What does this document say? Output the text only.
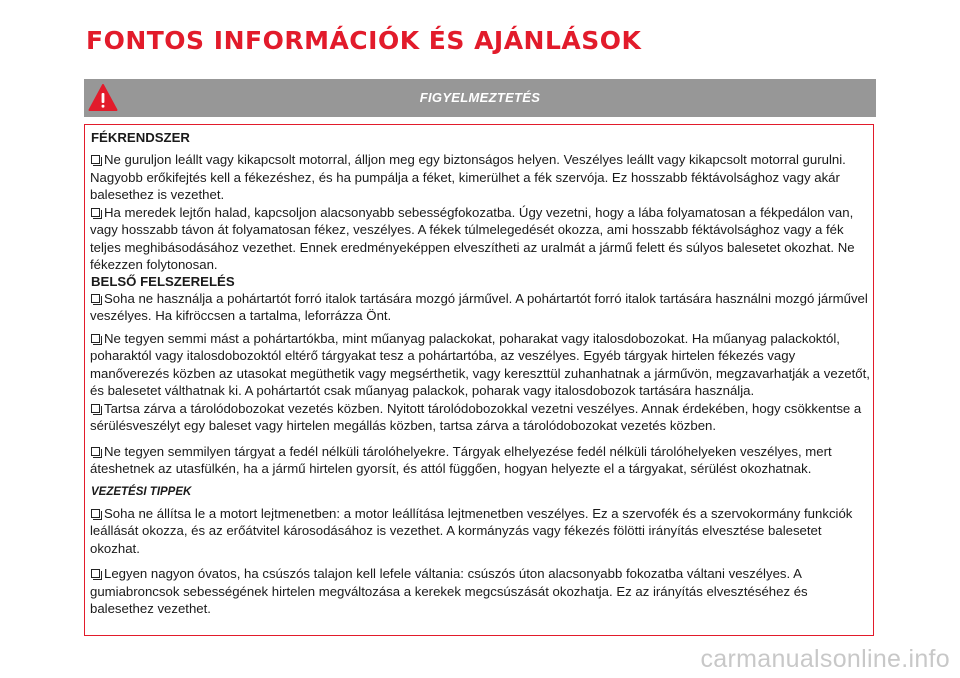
FONTOS INFORMÁCIÓK ÉS AJÁNLÁSOK
FIGYELMEZTETÉS
FÉKRENDSZER

Ne guruljon leállt vagy kikapcsolt motorral, álljon meg egy biztonságos helyen. Veszélyes leállt vagy kikapcsolt motorral gurulni. Nagyobb erőkifejtés kell a fékezéshez, és ha pumpálja a féket, kimerülhet a fék szervója. Ez hosszabb féktávolsághoz vagy akár balesethez is vezethet.

Ha meredek lejtőn halad, kapcsoljon alacsonyabb sebességfokozatba. Úgy vezetni, hogy a lába folyamatosan a fékpedálon van, vagy hosszabb távon át folyamatosan fékez, veszélyes. A fékek túlmelegedését okozza, ami hosszabb féktávolsághoz vagy a fék teljes meghibásodásához vezethet. Ennek eredményeképpen elveszítheti az uralmát a jármű felett és súlyos balesetet okozhat. Ne fékezzen folytonosan.

BELSŐ FELSZERELÉS

Soha ne használja a pohártartót forró italok tartására mozgó járművel. A pohártartót forró italok tartására használni mozgó járművel veszélyes. Ha kifröccsen a tartalma, leforrázza Önt.

Ne tegyen semmi mást a pohártartókba, mint műanyag palackokat, poharakat vagy italosdobozokat. Ha műanyag palackoktól, poharaktól vagy italosdobozoktól eltérő tárgyakat tesz a pohártartóba, az veszélyes. Egyéb tárgyak hirtelen fékezés vagy manőverezés közben az utasokat megüthetik vagy megsérthetik, vagy kereszttül zuhanhatnak a járművön, megzavarhatják a vezetőt, és balesetet válthatnak ki. A pohártartót csak műanyag palackok, poharak vagy italosdobozok tartására használja.

Tartsa zárva a tárolódobozokat vezetés közben. Nyitott tárolódobozokkal vezetni veszélyes. Annak érdekében, hogy csökkentse a sérülésveszélyt egy baleset vagy hirtelen megállás közben, tartsa zárva a tárolódobozokat vezetés közben.

Ne tegyen semmilyen tárgyat a fedél nélküli tárolóhelyekre. Tárgyak elhelyezése fedél nélküli tárolóhelyeken veszélyes, mert áteshetnek az utasfülkén, ha a jármű hirtelen gyorsít, és attól függően, hogyan helyezte el a tárgyakat, sérülést okozhatnak.

VEZETÉSI TIPPEK

Soha ne állítsa le a motort lejtmenetben: a motor leállítása lejtmenetben veszélyes. Ez a szervofék és a szervokormány funkciók leállását okozza, és az erőátvitel károsodásához is vezethet. A kormányzás vagy fékezés fölötti irányítás elvesztése balesetet okozhat.

Legyen nagyon óvatos, ha csúszós talajon kell lefele váltania: csúszós úton alacsonyabb fokozatba váltani veszélyes. A gumiabroncsok sebességének hirtelen megváltozása a kerekek megcsúszását okozhatja. Ez az irányítás elvesztéséhez és balesethez vezethet.

carmanualsonline.info
